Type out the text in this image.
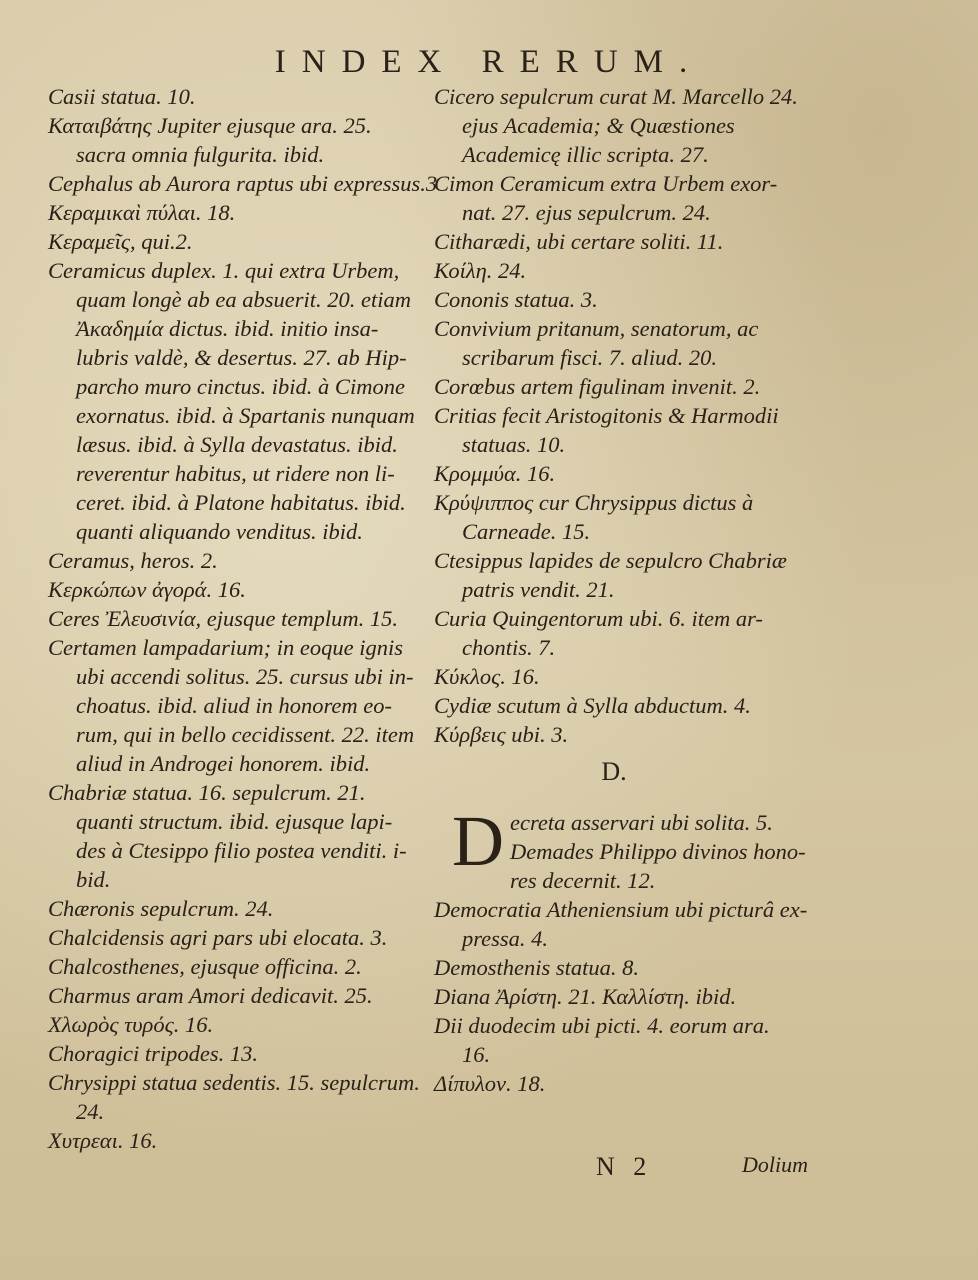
INDEX RERUM.
Casii statua. 10.
Καταιβάτης Jupiter ejusque ara. 25.
sacra omnia fulgurita. ibid.
Cephalus ab Aurora raptus ubi expressus.3
Κεραμικαὶ πύλαι. 18.
Κεραμεῖς, qui.2.
Ceramicus duplex. 1. qui extra Urbem,
quam longè ab ea absuerit. 20. etiam
Ἀκαδημία dictus. ibid. initio insa-
lubris valdè, & desertus. 27. ab Hip-
parcho muro cinctus. ibid. à Cimone
exornatus. ibid. à Spartanis nunquam
læsus. ibid. à Sylla devastatus. ibid.
reverentur habitus, ut ridere non li-
ceret. ibid. à Platone habitatus. ibid.
quanti aliquando venditus. ibid.
Ceramus, heros. 2.
Κερκώπων ἀγορά. 16.
Ceres Ἐλευσινία, ejusque templum. 15.
Certamen lampadarium; in eoque ignis
ubi accendi solitus. 25. cursus ubi in-
choatus. ibid. aliud in honorem eo-
rum, qui in bello cecidissent. 22. item
aliud in Androgei honorem. ibid.
Chabriæ statua. 16. sepulcrum. 21.
quanti structum. ibid. ejusque lapi-
des à Ctesippo filio postea venditi. i-
bid.
Chæronis sepulcrum. 24.
Chalcidensis agri pars ubi elocata. 3.
Chalcosthenes, ejusque officina. 2.
Charmus aram Amori dedicavit. 25.
Χλωρὸς τυρός. 16.
Choragici tripodes. 13.
Chrysippi statua sedentis. 15. sepulcrum.
24.
Χυτρεαι. 16.
Cicero sepulcrum curat M. Marcello 24.
ejus Academia; & Quæstiones
Academicę illic scripta. 27.
Cimon Ceramicum extra Urbem exor-
nat. 27. ejus sepulcrum. 24.
Citharædi, ubi certare soliti. 11.
Κοίλη. 24.
Cononis statua. 3.
Convivium pritanum, senatorum, ac
scribarum fisci. 7. aliud. 20.
Corœbus artem figulinam invenit. 2.
Critias fecit Aristogitonis & Harmodii
statuas. 10.
Κρομμύα. 16.
Κρύψιππος cur Chrysippus dictus à
Carneade. 15.
Ctesippus lapides de sepulcro Chabriæ
patris vendit. 21.
Curia Quingentorum ubi. 6. item ar-
chontis. 7.
Κύκλος. 16.
Cydiæ scutum à Sylla abductum. 4.
Κύρβεις ubi. 3.
D.
D ecreta asservari ubi solita. 5.
Demades Philippo divinos hono-
res decernit. 12.
Democratia Atheniensium ubi picturâ ex-
pressa. 4.
Demosthenis statua. 8.
Diana Ἀρίστη. 21. Καλλίστη. ibid.
Dii duodecim ubi picti. 4. eorum ara.
16.
Δίπυλον. 18.
N 2	Dolium
